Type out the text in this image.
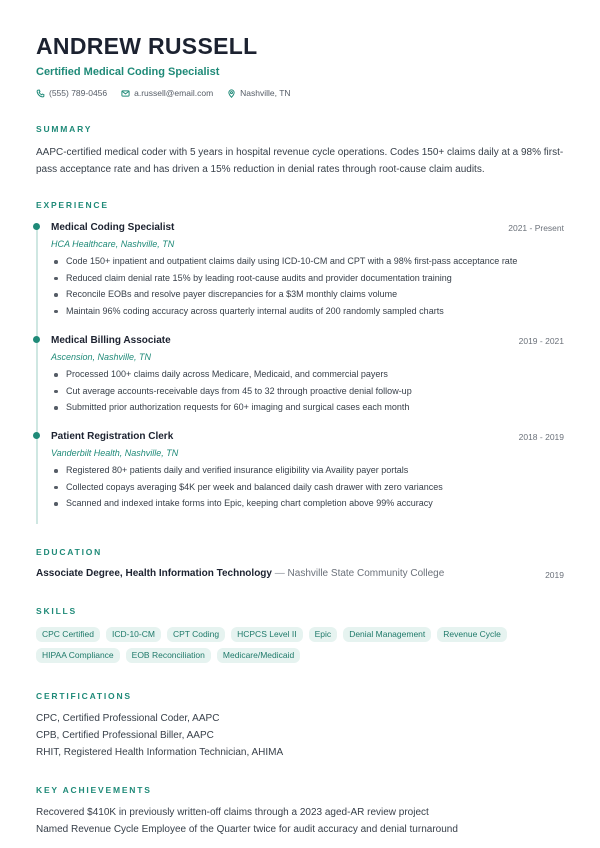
ANDREW RUSSELL
Certified Medical Coding Specialist
(555) 789-0456	a.russell@email.com	Nashville, TN
SUMMARY
AAPC-certified medical coder with 5 years in hospital revenue cycle operations. Codes 150+ claims daily at a 98% first-
pass acceptance rate and has driven a 15% reduction in denial rates through root-cause claim audits.
EXPERIENCE
Medical Coding Specialist	2021 - Present
HCA Healthcare, Nashville, TN
Code 150+ inpatient and outpatient claims daily using ICD-10-CM and CPT with a 98% first-pass acceptance rate
Reduced claim denial rate 15% by leading root-cause audits and provider documentation training
Reconcile EOBs and resolve payer discrepancies for a $3M monthly claims volume
Maintain 96% coding accuracy across quarterly internal audits of 200 randomly sampled charts
Medical Billing Associate	2019 - 2021
Ascension, Nashville, TN
Processed 100+ claims daily across Medicare, Medicaid, and commercial payers
Cut average accounts-receivable days from 45 to 32 through proactive denial follow-up
Submitted prior authorization requests for 60+ imaging and surgical cases each month
Patient Registration Clerk	2018 - 2019
Vanderbilt Health, Nashville, TN
Registered 80+ patients daily and verified insurance eligibility via Availity payer portals
Collected copays averaging $4K per week and balanced daily cash drawer with zero variances
Scanned and indexed intake forms into Epic, keeping chart completion above 99% accuracy
EDUCATION
Associate Degree, Health Information Technology — Nashville State Community College	2019
SKILLS
CPC Certified	ICD-10-CM	CPT Coding	HCPCS Level II	Epic	Denial Management	Revenue Cycle
HIPAA Compliance	EOB Reconciliation	Medicare/Medicaid
CERTIFICATIONS
CPC, Certified Professional Coder, AAPC
CPB, Certified Professional Biller, AAPC
RHIT, Registered Health Information Technician, AHIMA
KEY ACHIEVEMENTS
Recovered $410K in previously written-off claims through a 2023 aged-AR review project
Named Revenue Cycle Employee of the Quarter twice for audit accuracy and denial turnaround
